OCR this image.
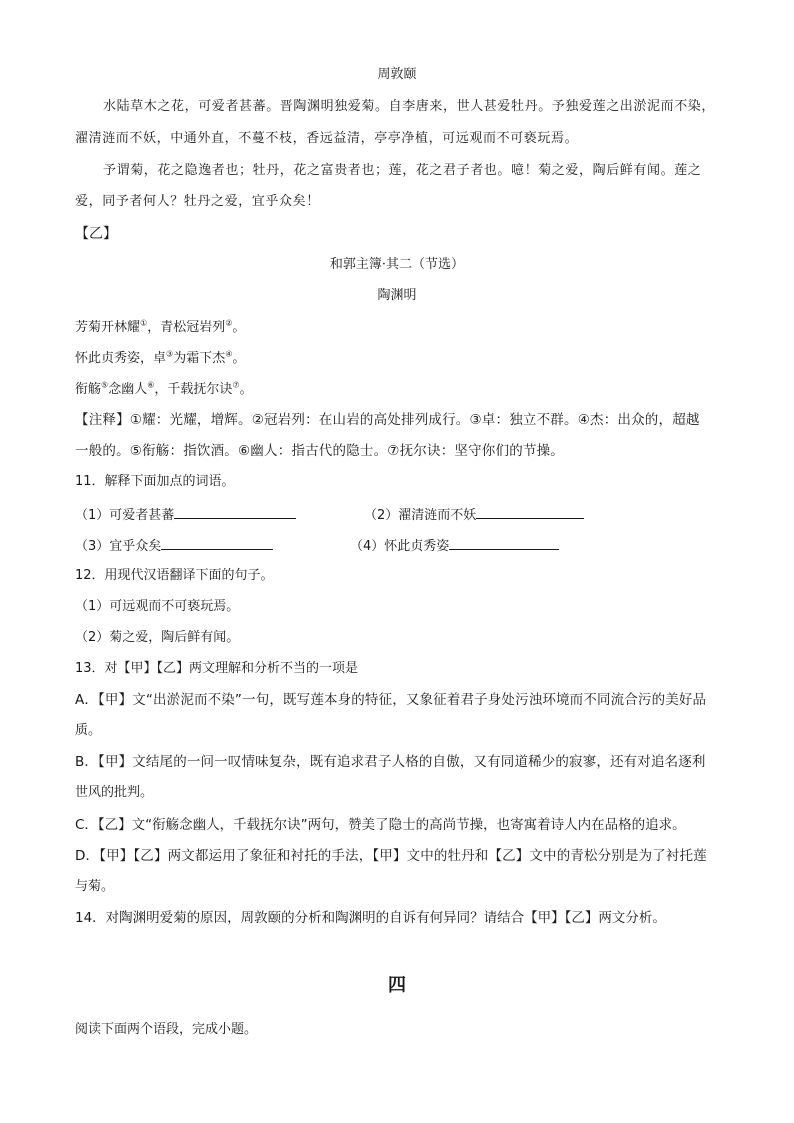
周敦颐
水陆草木之花，可爱者甚蕃。晋陶渊明独爱菊。自李唐来，世人甚爱牡丹。予独爱莲之出淤泥而不染，
濯清涟而不妖，中通外直，不蔓不枝，香远益清，亭亭净植，可远观而不可亵玩焉。
予谓菊，花之隐逸者也；牡丹，花之富贵者也；莲，花之君子者也。噫！菊之爱，陶后鲜有闻。莲之
爱，同予者何人？牡丹之爱，宜乎众矣！
【乙】
和郭主簿·其二（节选）
陶渊明
芳菊开林耀①，青松冠岩列②。
怀此贞秀姿，卓③为霜下杰④。
衔觞⑤念幽人⑥，千载抚尔诀⑦。
【注释】①耀：光耀，增辉。②冠岩列：在山岩的高处排列成行。③卓：独立不群。④杰：出众的，超越
一般的。⑤衔觞：指饮酒。⑥幽人：指古代的隐士。⑦抚尔诀：坚守你们的节操。
11．解释下面加点的词语。
（1）可爱者甚蕃	（2）濯清涟而不妖
（3）宜乎众矣	（4）怀此贞秀姿
12．用现代汉语翻译下面的句子。
（1）可远观而不可亵玩焉。
（2）菊之爱，陶后鲜有闻。
13．对【甲】【乙】两文理解和分析不当的一项是
A．【甲】文“出淤泥而不染”一句，既写莲本身的特征，又象征着君子身处污浊环境而不同流合污的美好品
质。
B．【甲】文结尾的一问一叹情味复杂，既有追求君子人格的自傲，又有同道稀少的寂寥，还有对追名逐利
世风的批判。
C．【乙】文“衔觞念幽人，千载抚尔诀”两句，赞美了隐士的高尚节操，也寄寓着诗人内在品格的追求。
D．【甲】【乙】两文都运用了象征和衬托的手法，【甲】文中的牡丹和【乙】文中的青松分别是为了衬托莲
与菊。
14．对陶渊明爱菊的原因，周敦颐的分析和陶渊明的自诉有何异同？请结合【甲】【乙】两文分析。
四
阅读下面两个语段，完成小题。
